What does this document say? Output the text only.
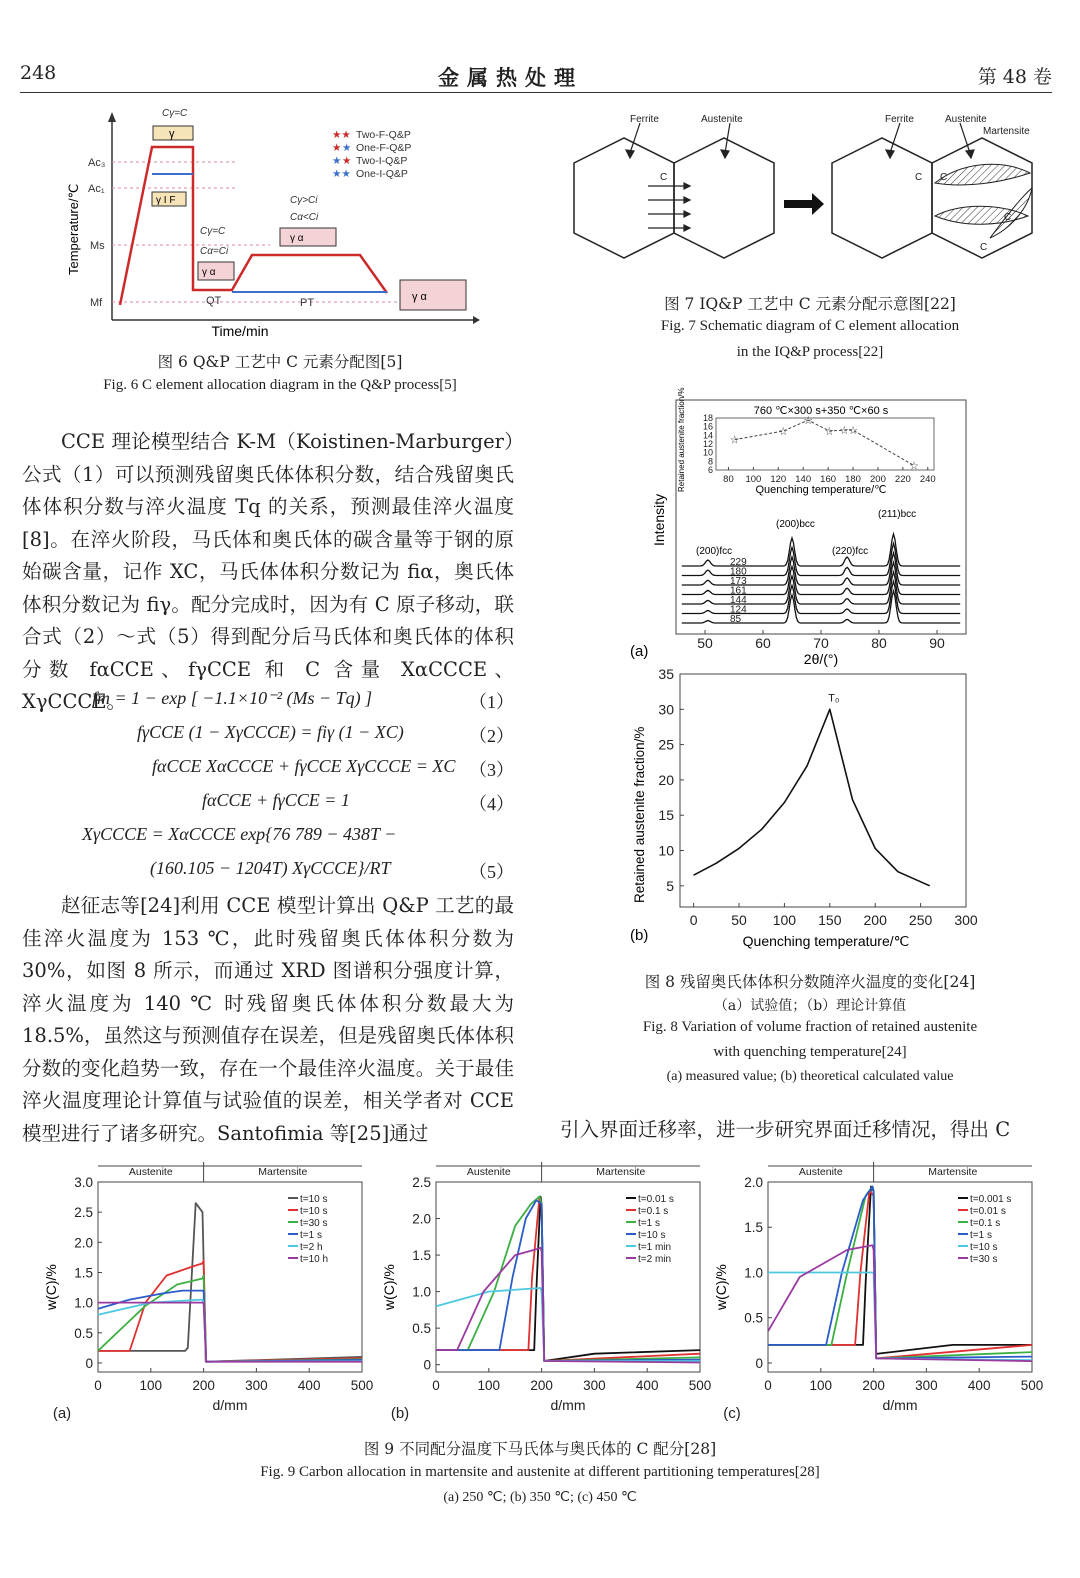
248	金属热处理	第 48 卷
Ac₃
Ac₁
Ms
Mf	QT	PT
γ
γ I F
γ α
γ α
γ α
Cγ=C
Cγ=C
Cα=Ci
Cγ>Ci
Cα<Ci
★★ Two-F-Q&P
★ ★ One-F-Q&P
★ ★ Two-I-Q&P
★★ One-I-Q&P
Time/min
Temperature/℃
图 6 Q&P 工艺中 C 元素分配图[5]
Fig. 6 C element allocation diagram in the Q&P process[5]
Ferrite	Austenite	Ferrite	Austenite
Martensite
C	C C
C
C
图 7 IQ&P 工艺中 C 元素分配示意图[22]
Fig. 7 Schematic diagram of C element allocation
in the IQ&P process[22]
760 ℃×300 s+350 ℃×60 s
Quenching temperature/℃
Retained austenite fraction/%	80 100 120 140 160 180 200 220 240
6
8
10
12
14
16
18
☆
☆
☆
☆ ☆
☆
☆
50	60	70	80	90
229
180
173
161
144
124
85
(200)fcc
(200)bcc
(220)fcc
(211)bcc
Intensity
2θ/(°)
(a)
0 50 100 150 200 250 300
5
10
15
20
25
30
35
T₀
Quenching temperature/℃
Retained austenite fraction/%
(b)
图 8 残留奥氏体体积分数随淬火温度的变化[24]
（a）试验值；（b）理论计算值
Fig. 8 Variation of volume fraction of retained austenite
with quenching temperature[24]
(a) measured value; (b) theoretical calculated value

CCE 理论模型结合 K-M（Koistinen-Marburger）公式（1）可以预测残留奥氏体体积分数，结合残留奥氏体体积分数与淬火温度 Tq 的关系，预测最佳淬火温度[8]。在淬火阶段，马氏体和奥氏体的碳含量等于钢的原始碳含量，记作 XC，马氏体体积分数记为 fiα，奥氏体体积分数记为 fiγ。配分完成时，因为有 C 原子移动，联合式（2）～式（5）得到配分后马氏体和奥氏体的体积分数 fαCCE、fγCCE 和 C 含量 XαCCCE、XγCCCE。

fm = 1 − exp [ −1.1×10⁻² (Ms − Tq) ]	（1）
fγCCE (1 − XγCCCE) = fiγ (1 − XC)	（2）
fαCCE XαCCCE + fγCCE XγCCCE = XC （3）
fαCCE + fγCCE = 1	（4）
XγCCCE = XαCCCE exp{76 789 − 438T −
(160.105 − 1204T) XγCCCE}/RT	（5）

赵征志等[24]利用 CCE 模型计算出 Q&P 工艺的最佳淬火温度为 153 ℃，此时残留奥氏体体积分数为 30%，如图 8 所示，而通过 XRD 图谱积分强度计算，淬火温度为 140 ℃ 时残留奥氏体体积分数最大为 18.5%，虽然这与预测值存在误差，但是残留奥氏体体积分数的变化趋势一致，存在一个最佳淬火温度。关于最佳淬火温度理论计算值与试验值的误差，相关学者对 CCE 模型进行了诸多研究。Santofimia 等[25]通过	引入界面迁移率，进一步研究界面迁移情况，得出 C
Austenite	Martensite
0	100 200 300 400 500
0
0.5
1.0
1.5
2.0
2.5
3.0
t=10 s
t=10 s
t=30 s
t=1 s
t=2 h
t=10 h
d/mm
w(C)/%
(a)
Austenite	Martensite
0	100 200 300 400 500
0
0.5
1.0
1.5
2.0
2.5
t=0.01 s
t=0.1 s
t=1 s
t=10 s
t=1 min
t=2 min
d/mm
w(C)/%
(b)
Austenite	Martensite
0	100 200 300 400 500
0
0.5
1.0
1.5
2.0
t=0.001 s
t=0.01 s
t=0.1 s
t=1 s
t=10 s
t=30 s
d/mm
w(C)/%
(c)
图 9 不同配分温度下马氏体与奥氏体的 C 配分[28]
Fig. 9 Carbon allocation in martensite and austenite at different partitioning temperatures[28]
(a) 250 ℃; (b) 350 ℃; (c) 450 ℃
